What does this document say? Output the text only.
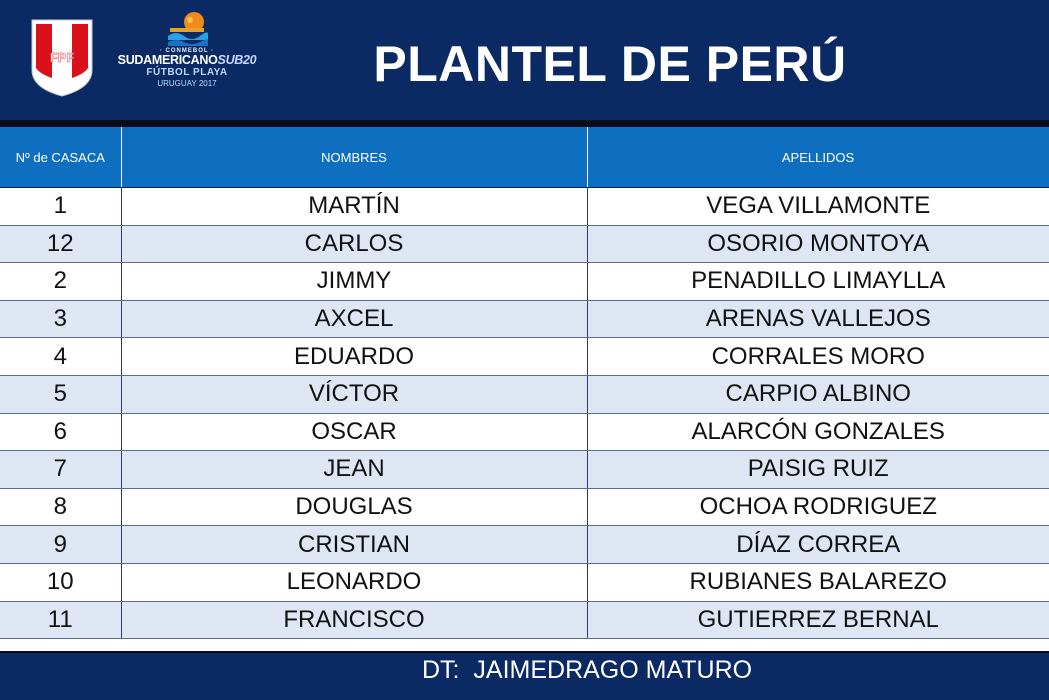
FPF	· CONMEBOL ·
SUDAMERICANOSUB20
FÚTBOL PLAYA
URUGUAY 2017	PLANTEL DE PERÚ
Nº de CASACA	NOMBRES	APELLIDOS
1	MARTÍN	VEGA VILLAMONTE
12	CARLOS	OSORIO MONTOYA
2	JIMMY	PENADILLO LIMAYLLA
3	AXCEL	ARENAS VALLEJOS
4	EDUARDO	CORRALES MORO
5	VÍCTOR	CARPIO ALBINO
6	OSCAR	ALARCÓN GONZALES
7	JEAN	PAISIG RUIZ
8	DOUGLAS	OCHOA RODRIGUEZ
9	CRISTIAN	DÍAZ CORREA
10	LEONARDO	RUBIANES BALAREZO
11	FRANCISCO	GUTIERREZ BERNAL
DT:  JAIMEDRAGO MATURO
